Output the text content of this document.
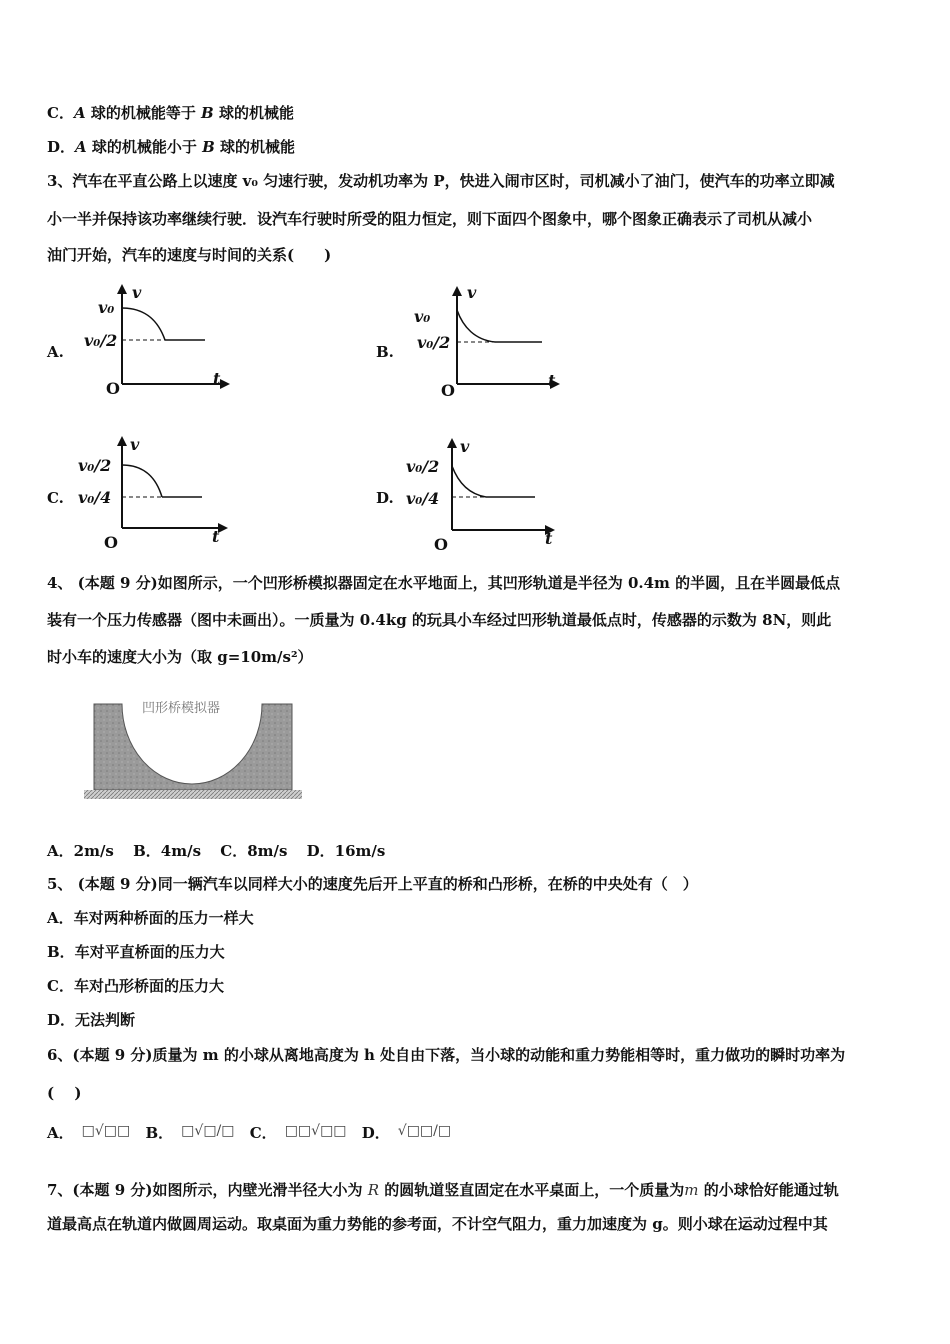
C．A 球的机械能等于 B 球的机械能
D．A 球的机械能小于 B 球的机械能
3、汽车在平直公路上以速度 v₀ 匀速行驶，发动机功率为 P，快进入闹市区时，司机减小了油门，使汽车的功率立即减
小一半并保持该功率继续行驶．设汽车行驶时所受的阻力恒定，则下面四个图象中，哪个图象正确表示了司机从减小
油门开始，汽车的速度与时间的关系(　　)
A.
v₀
v₀/2
v
t
O
B.
v₀
v₀/2
v
t
O
C.
v₀/2
v₀/4
v
t
O
D.
v₀/2
v₀/4
v
t
O
4、 (本题 9 分)如图所示，一个凹形桥模拟器固定在水平地面上，其凹形轨道是半径为 0.4m 的半圆，且在半圆最低点
装有一个压力传感器（图中未画出）。一质量为 0.4kg 的玩具小车经过凹形轨道最低点时，传感器的示数为 8N，则此
时小车的速度大小为（取 g=10m/s²）
凹形桥模拟器
A．2m/s B．4m/s C．8m/s D．16m/s
5、 (本题 9 分)同一辆汽车以同样大小的速度先后开上平直的桥和凸形桥，在桥的中央处有（　）
A．车对两种桥面的压力一样大
B．车对平直桥面的压力大
C．车对凸形桥面的压力大
D．无法判断
6、(本题 9 分)质量为 m 的小球从离地高度为 h 处自由下落，当小球的动能和重力势能相等时，重力做功的瞬时功率为
(　 )
A． □√□□ B． □√□/□ C． □□√□□ D． √□□/□
7、(本题 9 分)如图所示，内壁光滑半径大小为 R 的圆轨道竖直固定在水平桌面上，一个质量为m 的小球恰好能通过轨
道最高点在轨道内做圆周运动。取桌面为重力势能的参考面，不计空气阻力，重力加速度为 g。则小球在运动过程中其
